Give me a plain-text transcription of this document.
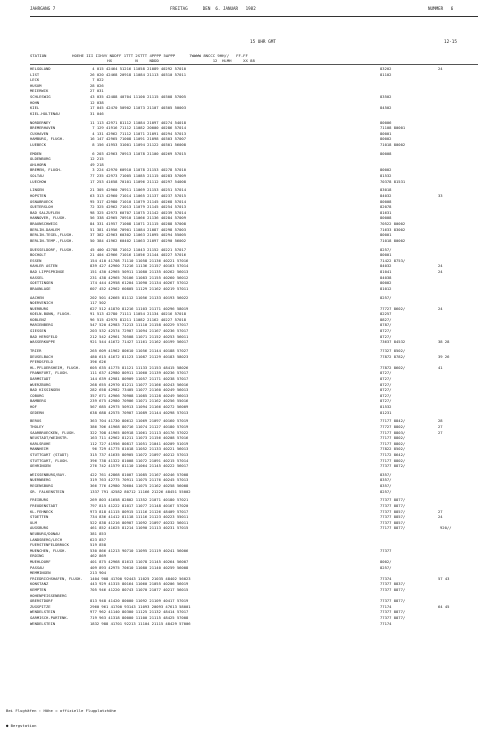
JAHRGANG 7	FREITAG      DEN  6. JANUAR   1982	NUMMER   6
15 UHR GMT	12-15
STATION           HOEHE III IIHVV NDDFF 1TTT 2STTT 4PPPP 5APPP      7WWWW 8NCCC 9HH//   FF-FF
HX          N     NDDD                       12  HLMH     XX 88
HELGOLAND	4 015 42464 51216 11058 21089 40292 57010	83202	24
LIST	26 020 42468 20918 11084 21113 40310 57011	81102
LECK	7 022
HUSUM	28 026
MEIERWIK	27 031
SCHLESWIG	43 035 42488 40704 11100 21115 40308 57005	83502
HOHN	12 038
KIEL	17 045 42470 50902 11073 21107 40305 50003	84502
KIEL-HOLTENAU	31 046
NORDERNEY	11 113 42971 81112 11084 21097 40274 54018	80006
BREMERHAVEN	7 129 41916 71112 11082 20000 40286 57014	71108 80001
CUXHAVEN	4 131 42962 71112 11071 21091 40294 57013	80001
HAMBURG, FLUGH.	16 147 42965 71008 11091 21098 40303 57007	80002
LUEBECK	8 156 41953 31001 11094 21122 40301 56008	71018 80002
EMDEN	6 203 42963 70913 11078 21100 40269 57015	80008
OLDENBURG	12 215
AHLHORN	49 218
BREMEN, FLUGH.	3 224 42970 60910 11078 21153 40278 57010	80002
SOLTAU	77 235 42973 71005 11085 21115 40283 57009	81532
LUECHOW	17 253 41658 70101 11096 21112 40297 54008	70378 81531
LINGEN	21 305 42960 70911 11069 21153 40251 57014	83018
HOPSTEN	63 313 42960 71014 11065 21137 40237 57015	84032	33
OSNABRUECK	95 317 42980 71010 11079 21145 40268 57014	80008
GUETERSLOH	72 325 42962 71013 11079 21145 40254 57013	82078
BAD SALZUFLEN	98 325 42973 60707 11075 21142 40239 57014	81631
HANNOVER, FLUGH.	56 338 42965 70910 11066 21136 40284 57009	80008
BRAUNSCHWEIG	84 331 41957 71008 11071 21115 40288 57008	70522 80002
BERLIN-DAHLEM	51 381 41956 70901 11084 21087 40298 57003	71633 83002
BERLIN-TEGEL,FLUGH.	37 382 42963 60302 11063 21095 40294 55005	80001
BERLIN-TEMP.,FLUGH.	50 384 41962 60402 11063 21097 40290 56002	71018 80002
DUESSELDORF, FLUGH.	45 400 42788 71012 11043 21152 40221 57017	8257/
BOCHOLT	21 404 42966 71016 11056 21144 40227 57016	80001
ESSEN	154 410 41708 71110 11058 21136 40221 57016	71422 8753/
KAHLER ASTEN	839 427 42960 71216 11136 21157 40163 57014	84032	24
BAD LIPPSPRINGE	151 430 42965 50911 11080 21135 40262 56013	81041	24
KASSEL	231 438 42965 70106 11083 21155 40260 56012	84038
GOETTINGEN	174 444 42958 61204 11090 21134 40267 57012	80002
BRAUNLAGE	607 452 42962 60805 11129 21162 40219 57011	81012
AACHEN	202 501 42665 81112 11056 21133 40193 56022	8257/
NOERVENICH	117 502
NUERBURG	627 512 41870 81216 11103 21171 40296 58019	77727 8602/	24
KOELN-BONN, FLUGH.	91 513 42780 71111 11054 21134 40216 57018	82257
KOBLENZ	96 515 42975 81211 11082 21162 40227 57018	8827/
MARIENBERG	547 520 42983 71213 11110 21158 40229 57017	8787/
GIESSEN	203 532 42574 72907 11094 21167 40236 57017	8727/
BAD HERSFELD	212 542 42961 70508 11071 21152 40253 56011	8727/
WASSERKUPPE	921 544 41672 71427 11161 21162 40199 56017	73637 84532	38 28
TRIER	265 609 41962 80610 11056 21144 40188 57027	77327 8502/
DEUSELBACH	480 615 41672 81123 11087 21129 40183 58023	77872 8782/	39 26
PFERDSFELD	396 626
HL.PFLOERSHEIM, FLUGH.	605 635 41775 81121 11133 21153 48415 58026	77872 8602/	41
FRANKFURT, FLUGH.	111 637 42980 80911 11060 21139 40236 57017	8727/
DARMSTADT	144 639 42981 80909 11057 21171 40238 57017	8727/
WUERZBURG	268 655 42970 81211 11077 21166 40243 56016	8727/
BAD KISSINGEN	282 658 42982 73405 11077 21160 40249 56013	8727/
COBURG	357 671 42966 70908 11085 21128 40249 56013	8727/
BAMBERG	239 675 42980 70906 11071 21162 40256 55016	8727/
HOF	567 685 42975 50913 11094 21166 40272 56009	81532
GEDERN	638 688 42575 70907 11089 21144 40298 57013	81231
BERUS	363 704 41730 80612 11069 21097 40160 57019	77177 8842/	28
THOLEY	386 706 41968 80716 11074 21127 40180 57019	77727 8802/	27
SAARBRUECKEN, FLUGH.	322 708 41965 80918 11061 21113 40176 57022	77177 8803/	27
NEUSTADT/WEINSTR.	163 711 42962 81211 11073 21156 40208 57016	77177 8802/
KARLSRUHE	112 727 41956 80817 11051 21041 40209 51019	77177 8802/
MANNHEIM	96 729 41775 81018 11052 21133 40221 56013	77822 8502/
STUTTGART (STADT)	315 737 41635 80905 11072 21097 40212 57013	77172 8642/
STUTTGART, FLUGH.	396 738 41322 81008 11072 21091 40215 57014	77177 8802/
OEHRINGEN	276 742 41579 81110 11064 21145 40222 56017	77377 8872/
WEISSENBURG/BAY.	422 761 42868 81007 11085 21167 40246 57008	8357/
NUERNBERG	319 763 42775 70911 11075 21176 40245 57013	8357/
REGENSBURG	366 776 42980 70604 11075 21162 40258 56008	8357/
GR. FALKENSTEIN	1337 791 42582 80712 11166 21226 48451 55002	8257/
FREIBURG	269 803 41658 82802 11352 21071 40180 57021	77377 8877/
FREUDENSTADT	797 815 41222 81017 11077 21148 40167 57020	77377 8877/
KL.FEHNECK	973 818 41115 80915 11116 21126 48409 57017	77377 8857/	27
STOETTEN	734 836 41412 81118 11116 21123 40223 55011	77377 8857/	24
ULM	522 838 41216 80907 11092 21097 40232 56011	77377 8857/
AUGSBURG	461 852 41625 81214 11090 21113 40231 57015	77177 8877/	920//
NEUBURG/DONAU	381 853
LANDSBERG/LECH	623 857
FUERSTENFELDBRUCK	519 858
MUENCHEN, FLUGH.	530 866 41213 90710 11095 21119 40241 56006	77377
ERDING	462 869
MUEHLDORF	401 875 42968 81613 11078 21145 40264 56007	8002/
PASSAU	409 893 42975 70610 11080 21140 40259 56008	8257/
MEMMINGEN	213 904
FRIEDRICHSHAFEN, FLUGH. 1404 908 41700 92443 11025 21035 48402 56023	77374	57 43
KONSTANZ	443 929 41315 80164 11060 21055 40206 56019	77377 8837/
KEMPTEN	705 946 41220 80743 11070 21077 40217 56015	77377 8877/
HOHENPEISSENBERG
OBERSTDORF	813 948 41420 80000 11092 21109 40417 57019	77377 8877/
ZUGSPITZE	2960 961 41700 93143 11093 20093 47613 58001	77174	64 45
WENDELSTEIN	977 962 41140 80300 11125 21132 48414 57017	77377 8877/
GARMISCH-PARTENK.	719 963 41318 80000 11100 21115 48425 57008	77377 8877/
WENDELSTEIN	1832 988 41701 92213 11104 21115 48429 57006	77174

Bei Flughäfen : Höhe = offizielle Flugplatzhöhe

● Bergstation
